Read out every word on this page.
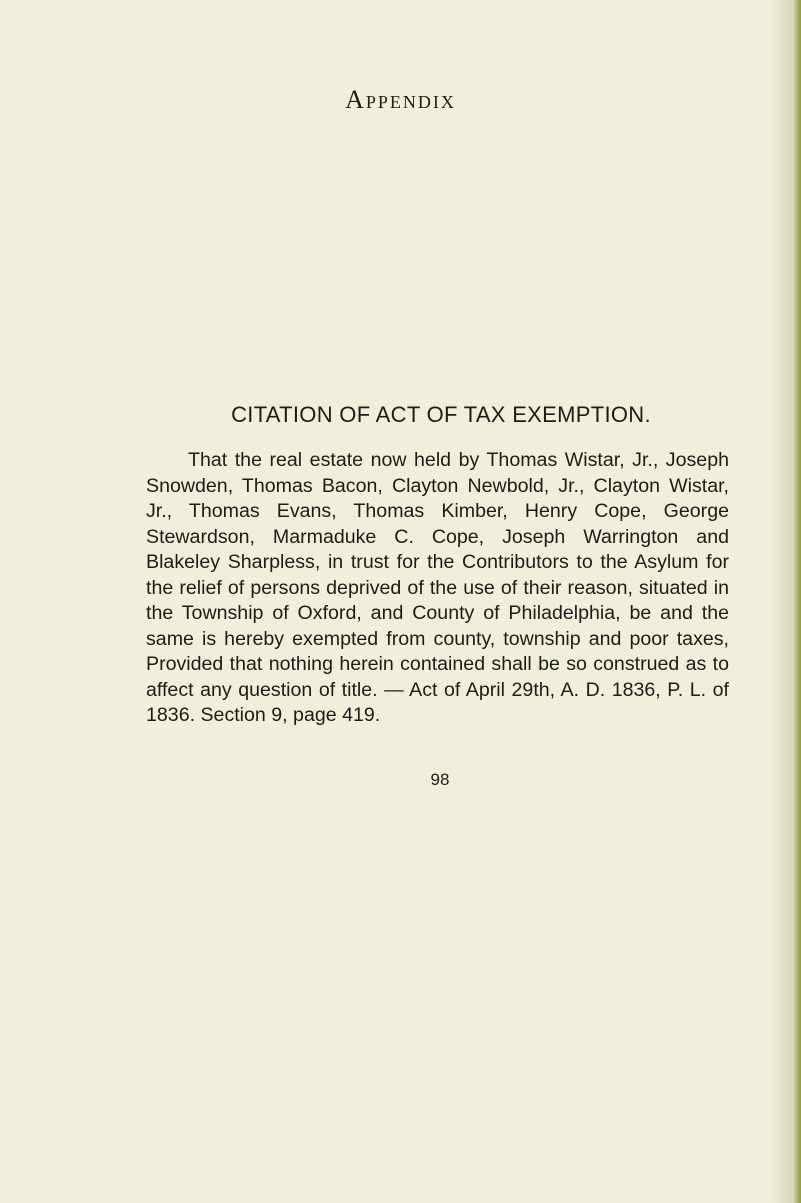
Appendix
CITATION OF ACT OF TAX EXEMPTION.

That the real estate now held by Thomas Wistar, Jr., Joseph Snowden, Thomas Bacon, Clayton Newbold, Jr., Clayton Wistar, Jr., Thomas Evans, Thomas Kimber, Henry Cope, George Stewardson, Marmaduke C. Cope, Joseph Warrington and Blakeley Sharpless, in trust for the Contributors to the Asylum for the relief of persons deprived of the use of their reason, situated in the Township of Oxford, and County of Philadelphia, be and the same is hereby exempted from county, township and poor taxes, Provided that nothing herein contained shall be so construed as to affect any question of title. — Act of April 29th, A. D. 1836, P. L. of 1836. Section 9, page 419.

98
